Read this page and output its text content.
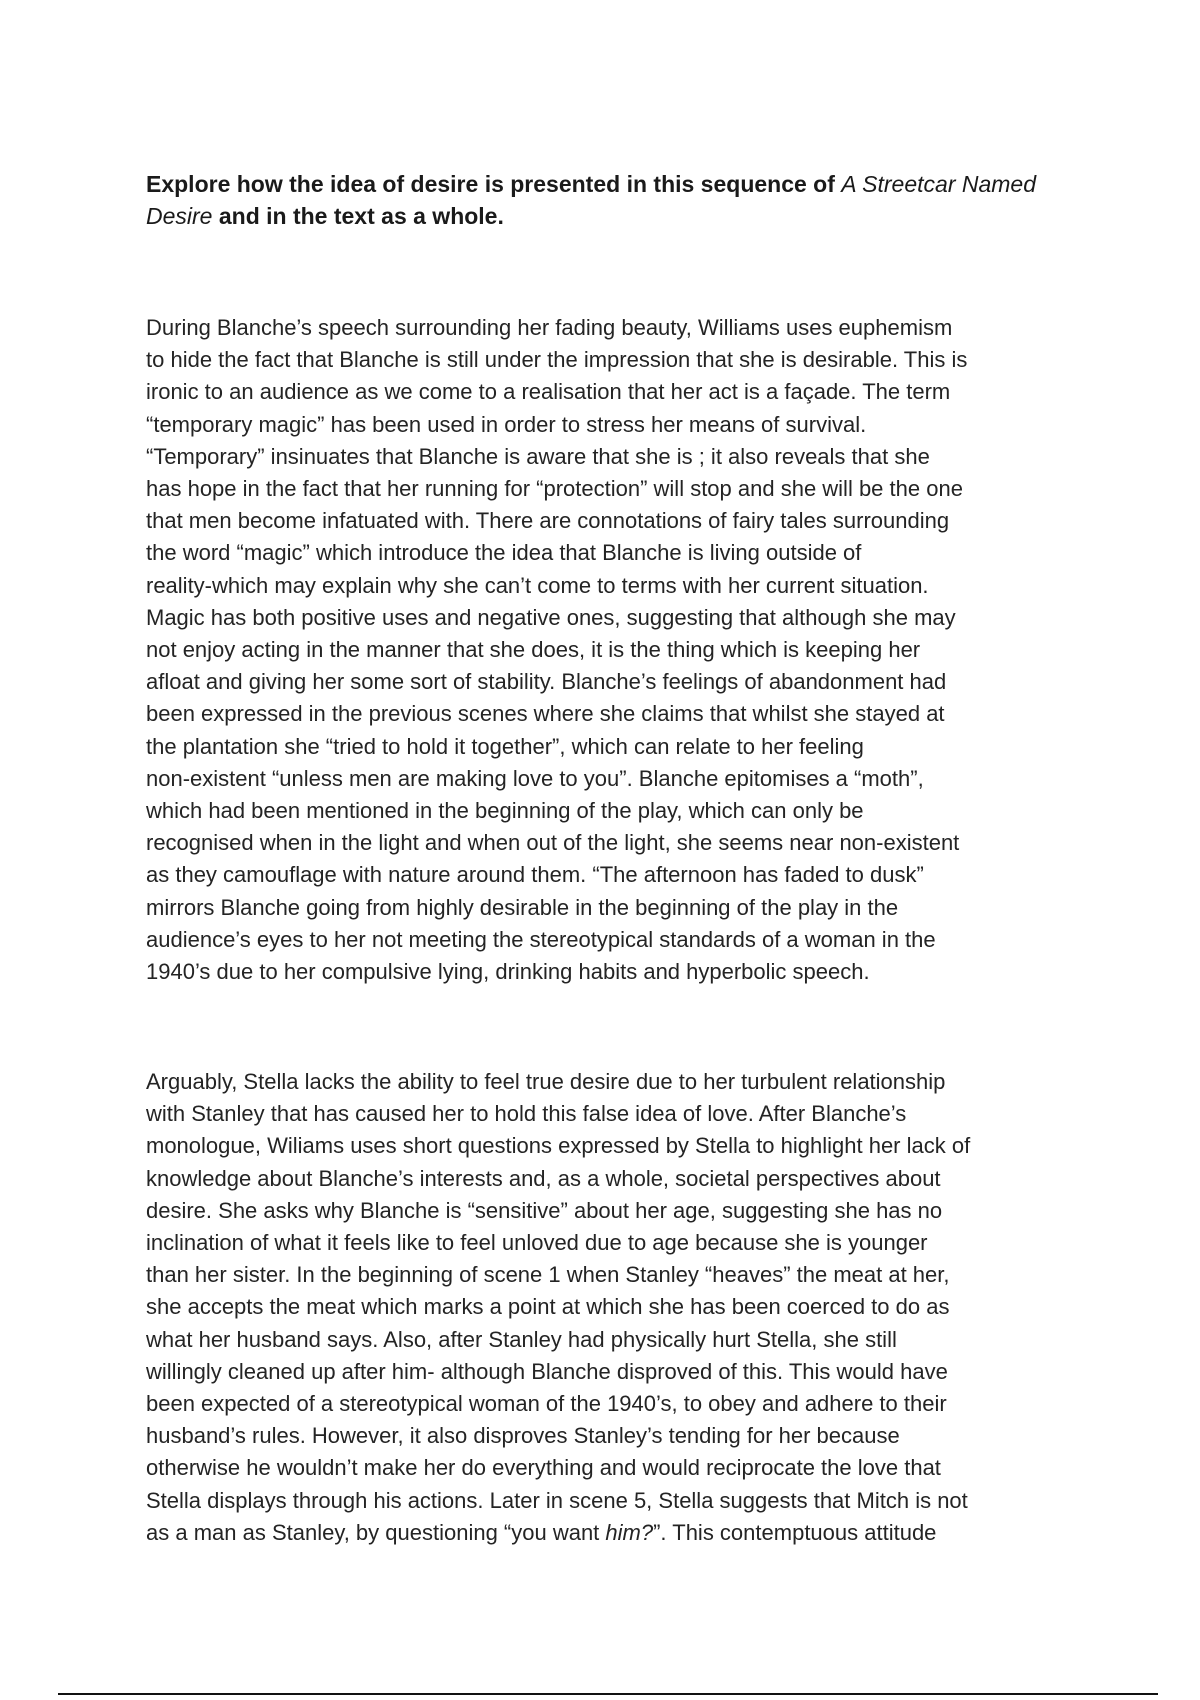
Explore how the idea of desire is presented in this sequence of A Streetcar Named Desire and in the text as a whole.
During Blanche’s speech surrounding her fading beauty, Williams uses euphemism
to hide the fact that Blanche is still under the impression that she is desirable. This is
ironic to an audience as we come to a realisation that her act is a façade. The term
“temporary magic” has been used in order to stress her means of survival.
“Temporary” insinuates that Blanche is aware that she is ; it also reveals that she
has hope in the fact that her running for “protection” will stop and she will be the one
that men become infatuated with. There are connotations of fairy tales surrounding
the word “magic” which introduce the idea that Blanche is living outside of
reality-which may explain why she can’t come to terms with her current situation.
Magic has both positive uses and negative ones, suggesting that although she may
not enjoy acting in the manner that she does, it is the thing which is keeping her
afloat and giving her some sort of stability. Blanche’s feelings of abandonment had
been expressed in the previous scenes where she claims that whilst she stayed at
the plantation she “tried to hold it together”, which can relate to her feeling
non-existent “unless men are making love to you”. Blanche epitomises a “moth”,
which had been mentioned in the beginning of the play, which can only be
recognised when in the light and when out of the light, she seems near non-existent
as they camouflage with nature around them. “The afternoon has faded to dusk”
mirrors Blanche going from highly desirable in the beginning of the play in the
audience’s eyes to her not meeting the stereotypical standards of a woman in the
1940’s due to her compulsive lying, drinking habits and hyperbolic speech.
Arguably, Stella lacks the ability to feel true desire due to her turbulent relationship
with Stanley that has caused her to hold this false idea of love. After Blanche’s
monologue, Wiliams uses short questions expressed by Stella to highlight her lack of
knowledge about Blanche’s interests and, as a whole, societal perspectives about
desire. She asks why Blanche is “sensitive” about her age, suggesting she has no
inclination of what it feels like to feel unloved due to age because she is younger
than her sister. In the beginning of scene 1 when Stanley “heaves” the meat at her,
she accepts the meat which marks a point at which she has been coerced to do as
what her husband says. Also, after Stanley had physically hurt Stella, she still
willingly cleaned up after him- although Blanche disproved of this. This would have
been expected of a stereotypical woman of the 1940’s, to obey and adhere to their
husband’s rules. However, it also disproves Stanley’s tending for her because
otherwise he wouldn’t make her do everything and would reciprocate the love that
Stella displays through his actions. Later in scene 5, Stella suggests that Mitch is not
as a man as Stanley, by questioning “you want him?”. This contemptuous attitude
